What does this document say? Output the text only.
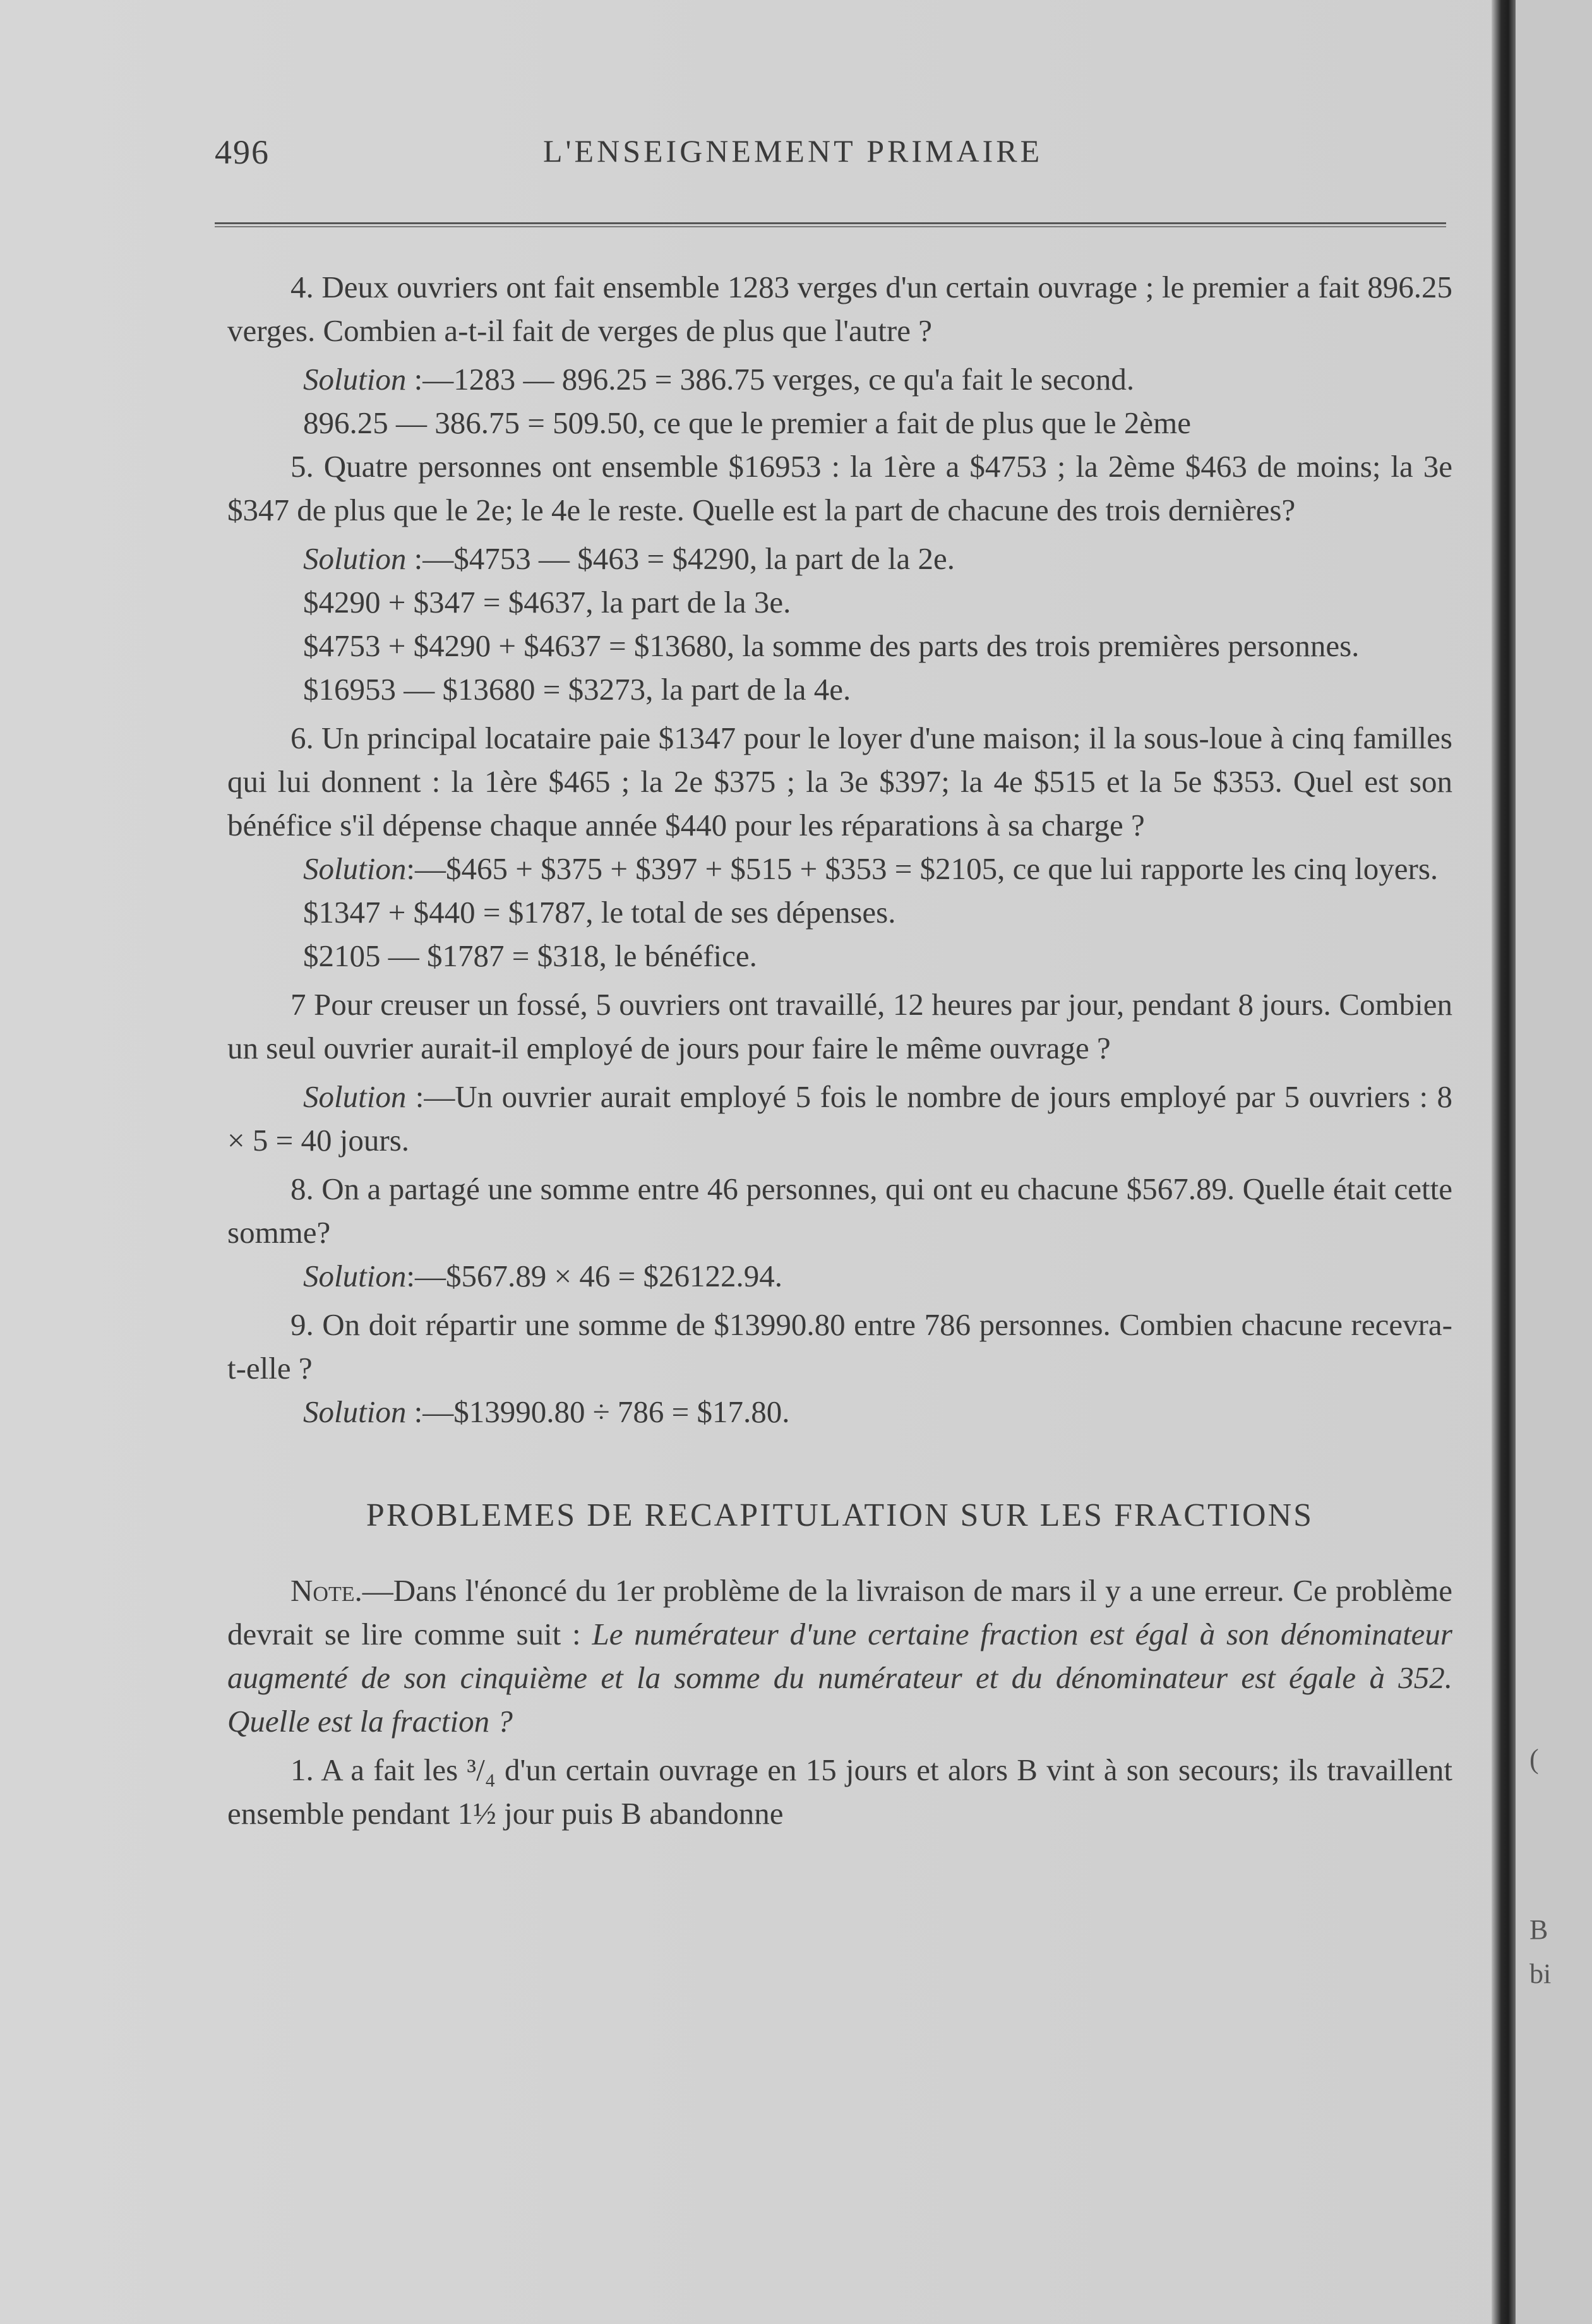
496	L'ENSEIGNEMENT PRIMAIRE

4. Deux ouvriers ont fait ensemble 1283 verges d'un certain ouvrage ; le premier a fait 896.25 verges. Combien a-t-il fait de verges de plus que l'autre ?

Solution :—1283 — 896.25 = 386.75 verges, ce qu'a fait le second.

896.25 — 386.75 = 509.50, ce que le premier a fait de plus que le 2ème

5. Quatre personnes ont ensemble $16953 : la 1ère a $4753 ; la 2ème $463 de moins; la 3e $347 de plus que le 2e; le 4e le reste. Quelle est la part de chacune des trois dernières?

Solution :—$4753 — $463 = $4290, la part de la 2e.

$4290 + $347 = $4637, la part de la 3e.

$4753 + $4290 + $4637 = $13680, la somme des parts des trois premières personnes.

$16953 — $13680 = $3273, la part de la 4e.

6. Un principal locataire paie $1347 pour le loyer d'une maison; il la sous-loue à cinq familles qui lui donnent : la 1ère $465 ; la 2e $375 ; la 3e $397; la 4e $515 et la 5e $353. Quel est son bénéfice s'il dépense chaque année $440 pour les réparations à sa charge ?

Solution:—$465 + $375 + $397 + $515 + $353 = $2105, ce que lui rapporte les cinq loyers.

$1347 + $440 = $1787, le total de ses dépenses.

$2105 — $1787 = $318, le bénéfice.

7 Pour creuser un fossé, 5 ouvriers ont travaillé, 12 heures par jour, pendant 8 jours. Combien un seul ouvrier aurait-il employé de jours pour faire le même ouvrage ?

Solution :—Un ouvrier aurait employé 5 fois le nombre de jours employé par 5 ouvriers : 8 × 5 = 40 jours.

8. On a partagé une somme entre 46 personnes, qui ont eu chacune $567.89. Quelle était cette somme?

Solution:—$567.89 × 46 = $26122.94.

9. On doit répartir une somme de $13990.80 entre 786 personnes. Combien chacune recevra-t-elle ?

Solution :—$13990.80 ÷ 786 = $17.80.

PROBLEMES DE RECAPITULATION SUR LES FRACTIONS

Note.—Dans l'énoncé du 1er problème de la livraison de mars il y a une erreur. Ce problème devrait se lire comme suit : Le numérateur d'une certaine fraction est égal à son dénominateur augmenté de son cinquième et la somme du numérateur et du dénominateur est égale à 352. Quelle est la fraction ?

1. A a fait les ³/₄ d'un certain ouvrage en 15 jours et alors B vint à son secours; ils travaillent ensemble pendant 1½ jour puis B abandonne

(
B
bi
